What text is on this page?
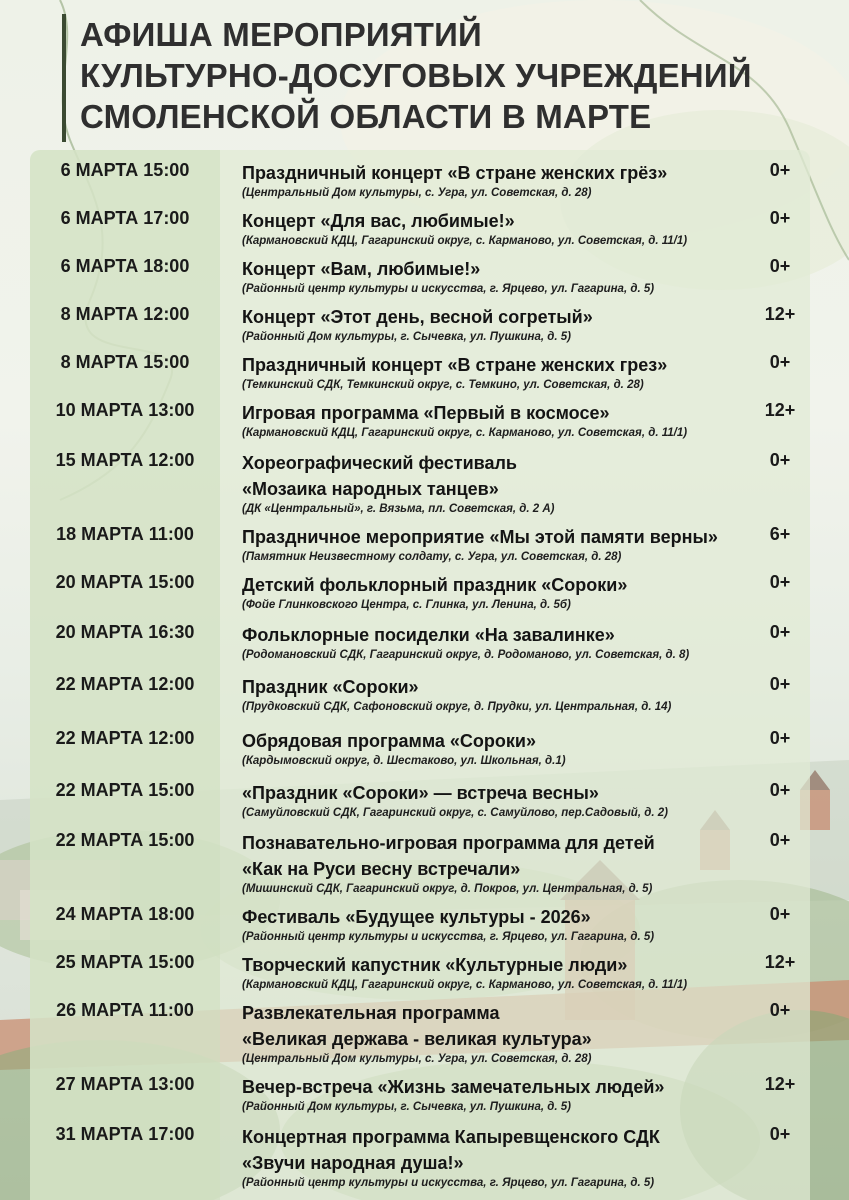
АФИША МЕРОПРИЯТИЙ
КУЛЬТУРНО-ДОСУГОВЫХ УЧРЕЖДЕНИЙ
СМОЛЕНСКОЙ ОБЛАСТИ В МАРТЕ
6 МАРТА 15:00	Праздничный концерт «В стране женских грёз»
(Центральный Дом культуры, с. Угра, ул. Советская, д. 28)
0+
6 МАРТА 17:00	Концерт «Для вас, любимые!»
(Кармановский КДЦ, Гагаринский округ, с. Карманово, ул. Советская, д. 11/1)
0+
6 МАРТА 18:00	Концерт «Вам, любимые!»
(Районный центр культуры и искусства, г. Ярцево, ул. Гагарина, д. 5)
0+
8 МАРТА 12:00	Концерт «Этот день, весной согретый»
(Районный Дом культуры, г. Сычевка, ул. Пушкина, д. 5)
12+
8 МАРТА 15:00	Праздничный концерт «В стране женских грез»
(Темкинский СДК, Темкинский округ, с. Темкино, ул. Советская, д. 28)
0+
10 МАРТА 13:00	Игровая программа «Первый в космосе»
(Кармановский КДЦ, Гагаринский округ, с. Карманово, ул. Советская, д. 11/1)
12+
15 МАРТА 12:00	Хореографический фестиваль
«Мозаика народных танцев»
(ДК «Центральный», г. Вязьма, пл. Советская, д. 2 А)
0+
18 МАРТА 11:00	Праздничное мероприятие «Мы этой памяти верны»
(Памятник Неизвестному солдату, с. Угра, ул. Советская, д. 28)
6+
20 МАРТА 15:00	Детский фольклорный праздник «Сороки»
(Фойе Глинковского Центра, с. Глинка, ул. Ленина, д. 5б)
0+
20 МАРТА 16:30	Фольклорные посиделки «На завалинке»
(Родомановский СДК, Гагаринский округ, д. Родоманово, ул. Советская, д. 8)
0+
22 МАРТА 12:00	Праздник «Сороки»
(Прудковский СДК, Сафоновский округ, д. Прудки, ул. Центральная, д. 14)
0+
22 МАРТА 12:00	Обрядовая программа «Сороки»
(Кардымовский округ, д. Шестаково, ул. Школьная, д.1)
0+
22 МАРТА 15:00	«Праздник «Сороки» — встреча весны»
(Самуйловский СДК, Гагаринский округ, с. Самуйлово, пер.Садовый, д. 2)
0+
22 МАРТА 15:00	Познавательно-игровая программа для детей
«Как на Руси весну встречали»
(Мишинский СДК, Гагаринский округ, д. Покров, ул. Центральная, д. 5)
0+
24 МАРТА 18:00	Фестиваль «Будущее культуры - 2026»
(Районный центр культуры и искусства, г. Ярцево, ул. Гагарина, д. 5)
0+
25 МАРТА 15:00	Творческий капустник «Культурные люди»
(Кармановский КДЦ, Гагаринский округ, с. Карманово, ул. Советская, д. 11/1)
12+
26 МАРТА 11:00	Развлекательная программа
«Великая держава - великая культура»
(Центральный Дом культуры, с. Угра, ул. Советская, д. 28)
0+
27 МАРТА 13:00	Вечер-встреча «Жизнь замечательных людей»
(Районный Дом культуры, г. Сычевка, ул. Пушкина, д. 5)
12+
31 МАРТА 17:00	Концертная программа Капыревщенского СДК
«Звучи народная душа!»
(Районный центр культуры и искусства, г. Ярцево, ул. Гагарина, д. 5)
0+
